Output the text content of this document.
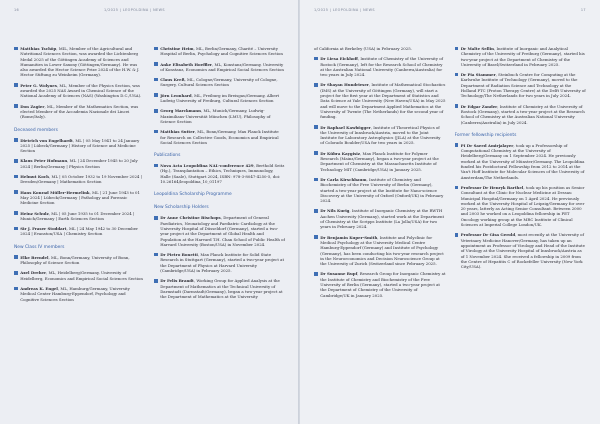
16	1/2025 | LEOPOLDINA | NEWS
Matthias Tschöp, MIL, Member of the Agricultural and Nutritional Sciences Section, was awarded the Lichtenberg Medal 2025 of the Göttingen Academy of Sciences and Humanities in Lower Saxony (Göttingen/Germany). He was also awarded the Hector Science Prize 2024 of the H.W. & J. Hector Stiftung zu Weinheim (Germany).
Peter G. Wolynes, ML, Member of the Physics Section, was awarded the 2025 NAS Award in Chemical Science of the National Academy of Sciences (NAS) (Washington D.C./USA).
Don Zagier, ML, Member of the Mathematics Section, was elected Member of the Accademia Nazionale dei Lincei (Rome/Italy).
Deceased members
Dietrich von Engelhardt, ML | 05 May 1941 to 24 January 2025 | Lübeck/Germany | History of Science and Medicine Section
Klaus Peter Hofmann, ML | 24 December 1945 to 20 July 2024 | Berlin/Germany | Physics Section
Helmut Koch, ML | 05 October 1932 to 19 November 2024 | Dresden/Germany | Mathematics Section
Hans Konrad Müller-Hermelink, ML | 21 June 1943 to 01 May 2024 | Lübeck/Germany | Pathology and Forensic Medicine Section
Heinz Schulz, ML | 05 June 1935 to 01 December 2024 | Munich/Germany | Earth Sciences Section
Sir J. Fraser Stoddart, ML | 24 May 1942 to 30 December 2024 | Evanston/USA | Chemistry Section
New Class IV members
Elke Brendel, ML, Bonn/Germany, University of Bonn, Philosophy of Science Section
Axel Dreher, ML, Heidelberg/Germany, University of Heidelberg, Economics and Empirical Social Sciences Section
Andreas K. Engel, ML, Hamburg/Germany, University Medical Center Hamburg-Eppendorf, Psychology and Cognitive Sciences Section
Christine Heim, ML, Berlin/Germany, Charité – University Hospital of Berlin, Psychology and Cognitive Sciences Section
Anke Elisabeth Hoeffler, ML, Konstanz/Germany, University of Konstanz, Economics and Empirical Social Sciences Section
Claus Kreß, ML, Cologne/Germany, University of Cologne, Surgery, Cultural Sciences Section
Jörn Leonhard, ML, Freiburg im Breisgau/Germany, Albert Ludwig University of Freiburg, Cultural Sciences Section
Georg Marckmann, ML, Munich/Germany, Ludwig-Maximilians-Universität München (LMU), Philosophy of Science Section
Matthias Sutter, ML, Bonn/Germany, Max Planck Institute for Research on Collective Goods, Economics and Empirical Social Sciences Section
Publications
Nova Acta Leopoldina NAL-conference 429, Berthold Seitz (Hg.), Transplantation – Ethics, Techniques, Immunology, Halle (Saale), Stuttgart 2024, ISBN: 978-3-8047-4250-5, doi: 10.26164/leopoldina_10_01197
Leopoldina Scholarship Programme
New Scholarship Holders
Dr Anne Christine Bischops, Department of General Paediatrics, Neonatology and Paediatric Cardiology at the University Hospital of Düsseldorf (Germany), started a two-year project at the Department of Global Health and Population at the Harvard T.H. Chan School of Public Health of Harvard University (Boston/USA) in November 2024.
Dr Pietro Bonetti, Max Planck Institute for Solid State Research in Stuttgart (Germany), started a two-year project at the Department of Physics at Harvard University (Cambridge/USA) in February 2025.
Dr Felix Brandt, Working Group for Applied Analysis at the Department of Mathematics at the Technical University of Darmstadt (Darmstadt/Germany), began a two-year project at the Department of Mathematics at the University
1/2025 | LEOPOLDINA | NEWS	17
of California at Berkeley (USA) in February 2025.
Dr Liesa Eickhoff, Institute of Chemistry of the University of Rostock (Germany), left for the Research School of Chemistry at the Australian National University (Canberra/Australia) for two years in July 2024.
Dr Shayan Hundrieser, Institute of Mathematical Stochastics (IMS) at the University of Göttingen (Germany), will start a project for the first year at the Department of Statistics and Data Science at Yale University (New Haven/USA) in May 2025 and will move to the Department Applied Mathematics at the University of Twente (The Netherlands) for the second year of funding.
Dr Raphael Kawbögger, Institute of Theoretical Physics of the University of Innsbruck/Austria, moved to the Joint Institute for Laboratory Astrophysics (JILA) at the University of Colorado Boulder/USA for two years in 2025.
Dr Kübra Kaygisiz, Max Planck Institute for Polymer Research (Mainz/Germany), began a two-year project at the Department of Chemistry at the Massachusetts Institute of Technology MIT (Cambridge/USA) in January 2025.
Dr Carla Kirschbaum, Institute of Chemistry and Biochemistry of the Free University of Berlin (Germany), started a two-year project at the Institute for Nano-science Discovery at the University of Oxford (Oxford/UK) in February 2024.
Dr Nils Kurig, Institute of Inorganic Chemistry at the RWTH Aachen University (Germany), started work at the Department of Chemistry at the Scripps Institute (La Jolla/USA) for two years in February 2024.
Dr Benjamin Kuper-Smith, Institute and Polyclinic for Medical Psychology at the University Medical Centre Hamburg-Eppendorf (Germany) and Institute of Psychology (Germany), has been conducting his two-year research project in the Neuroeconomics and Decision Neuroscience Group at the University of Zurich (Switzerland since February 2025.
Dr Susanne Rupf, Research Group for Inorganic Chemistry at the Institute of Chemistry and Biochemistry of the Free University of Berlin (Germany), started a two-year project at the Department of Chemistry of the University of Cambridge/UK in January 2025.
Dr Malte Sellin, Institute of Inorganic and Analytical Chemistry of the University of Freiburg (Germany), started his two-year project at the Department of Chemistry of the University of Basel/Switzerland in February 2025.
Dr Pia Stammer, Steinbuch Centre for Computing at the Karlsruhe Institute of Technology (Germany), moved to the Department of Radiation Science and Technology at the Holland PTC (Proton Therapy Centre) at the Delft University of Technology/The Netherlands for two years in July 2024.
Dr Edgar Zander, Institute of Chemistry at the University of Rostock (Germany), started a two-year project at the Research School of Chemistry at the Australian National University (Canberra/Australia) in July 2024.
Former fellowship recipients
PI Dr Saeed Amirjalayer, took up a Professorship of Computational Chemistry at the University of Heidelberg/Germany on 1 September 2024. He previously worked at the University of Münster/Germany. The Leopoldina funded his Postdoctoral Fellowship from 2012 to 2014 at the Van't Hoff Institute for Molecular Sciences of the University of Amsterdam/The Netherlands.
Professor Dr Henryk Barthel, took up his position as Senior Consultant at the Clinic for Nuclear Medicine at Dessau Municipal Hospital/Germany on 1 April 2024. He previously worked at the University Hospital of Leipzig/Germany for over 20 years, latterly as Acting Senior Consultant. Between 2000 and 2003 he worked on a Leopoldina fellowship in PET Oncology working group at the MRC Institute of Clinical Sciences at Imperial College London/UK.
Professor Dr Gisa Gerold, most recently at the University of Veterinary Medicine Hanover/Germany, has taken up an appointment as Professor of Virology and Head of the Institute of Virology at the University Hospital of Innsbruck/Austria as of 1 November 2024. She received a fellowship in 2009 from the Centre of Hepatitis C of Rockefeller University (New York City/USA).
